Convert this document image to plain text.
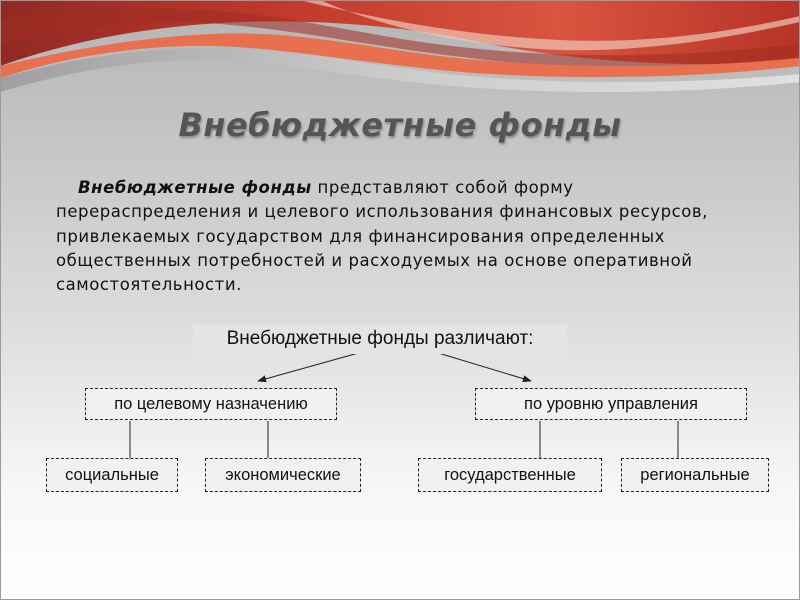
Внебюджетные фонды

Внебюджетные фонды представляют собой форму перераспределения и целевого использования финансовых ресурсов, привлекаемых государством для финансирования определенных общественных потребностей и расходуемых на основе оперативной самостоятельности.

Внебюджетные фонды различают:
по целевому назначению	по уровню управления
социальные	экономические	государственные	региональные
